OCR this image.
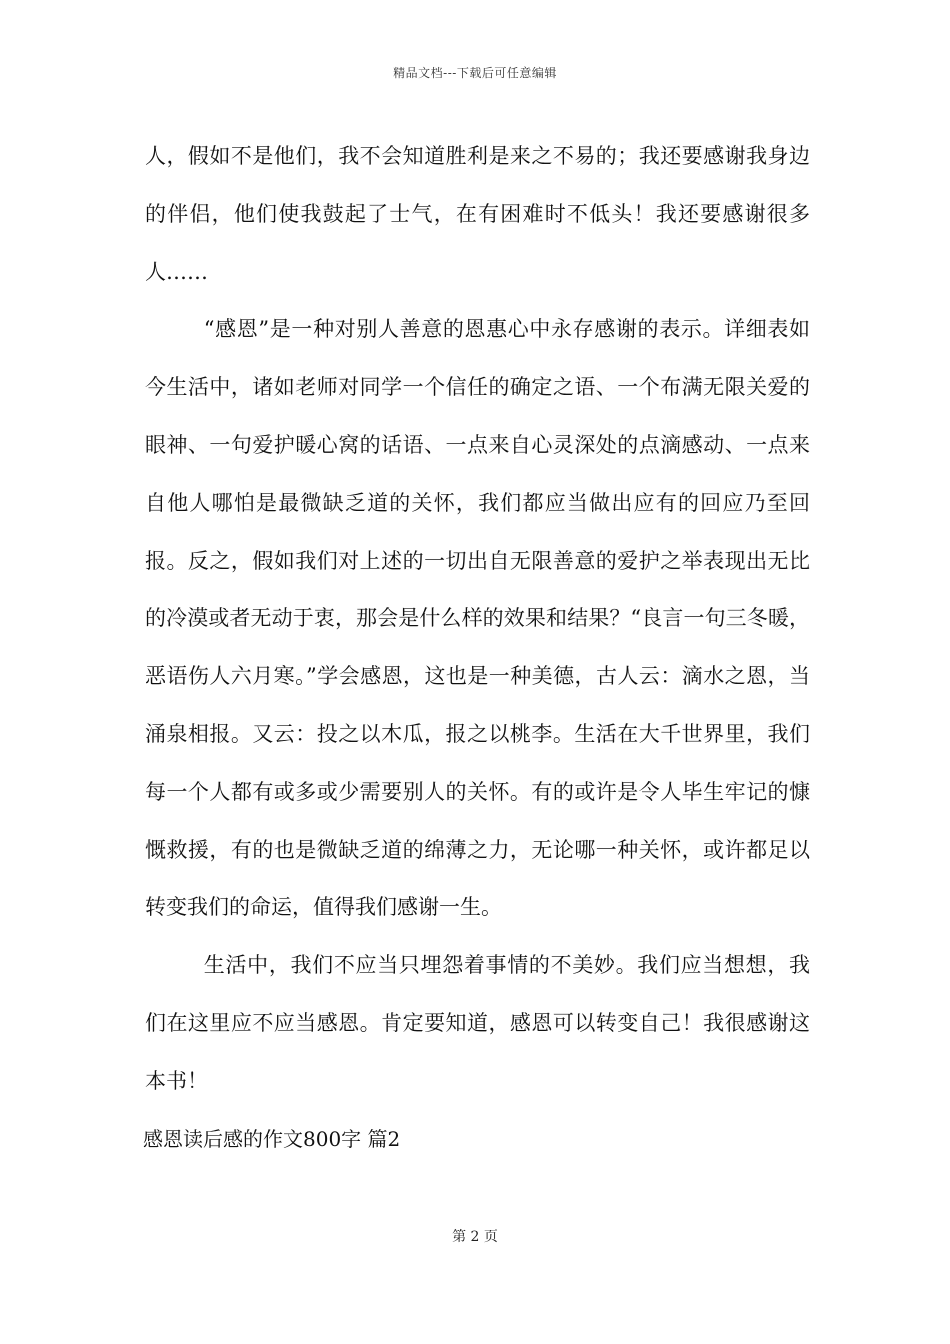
精品文档---下载后可任意编辑

人，假如不是他们，我不会知道胜利是来之不易的；我还要感谢我身边的伴侣，他们使我鼓起了士气，在有困难时不低头！我还要感谢很多人……

“感恩”是一种对别人善意的恩惠心中永存感谢的表示。详细表如今生活中，诸如老师对同学一个信任的确定之语、一个布满无限关爱的眼神、一句爱护暖心窝的话语、一点来自心灵深处的点滴感动、一点来自他人哪怕是最微缺乏道的关怀，我们都应当做出应有的回应乃至回报。反之，假如我们对上述的一切出自无限善意的爱护之举表现出无比的冷漠或者无动于衷，那会是什么样的效果和结果？“良言一句三冬暖，恶语伤人六月寒。”学会感恩，这也是一种美德，古人云：滴水之恩，当涌泉相报。又云：投之以木瓜，报之以桃李。生活在大千世界里，我们每一个人都有或多或少需要别人的关怀。有的或许是令人毕生牢记的慷慨救援，有的也是微缺乏道的绵薄之力，无论哪一种关怀，或许都足以转变我们的命运，值得我们感谢一生。

生活中，我们不应当只埋怨着事情的不美妙。我们应当想想，我们在这里应不应当感恩。肯定要知道，感恩可以转变自己！我很感谢这本书！

感恩读后感的作文800字 篇2

第 2 页
